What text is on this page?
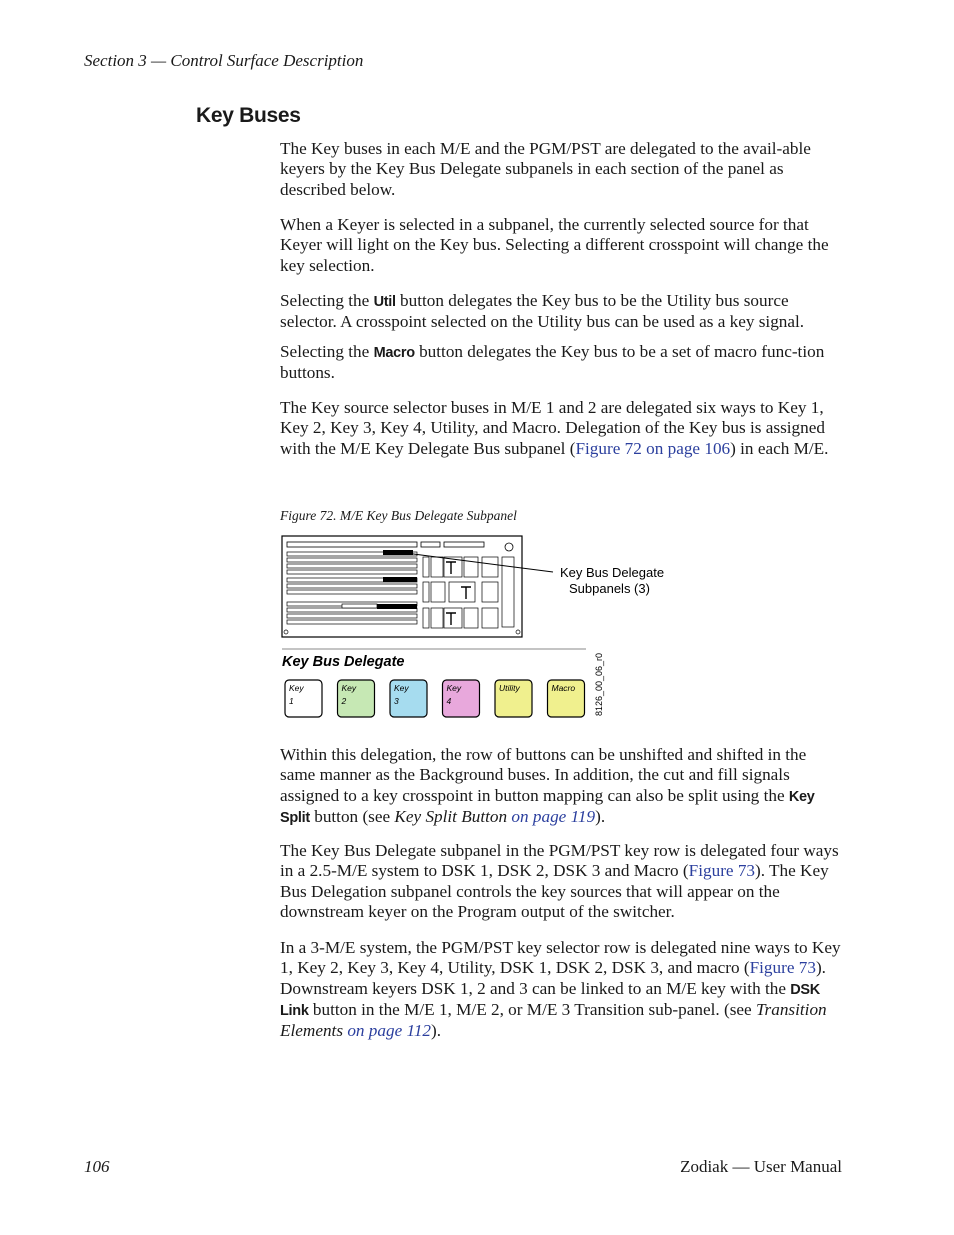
Section 3 — Control Surface Description
Key Buses
The Key buses in each M/E and the PGM/PST are delegated to the avail-able keyers by the Key Bus Delegate subpanels in each section of the panel as described below.
When a Keyer is selected in a subpanel, the currently selected source for that Keyer will light on the Key bus. Selecting a different crosspoint will change the key selection.
Selecting the Util button delegates the Key bus to be the Utility bus source selector. A crosspoint selected on the Utility bus can be used as a key signal.
Selecting the Macro button delegates the Key bus to be a set of macro func-tion buttons.
The Key source selector buses in M/E 1 and 2 are delegated six ways to Key 1, Key 2, Key 3, Key 4, Utility, and Macro. Delegation of the Key bus is assigned with the M/E Key Delegate Bus subpanel (Figure 72 on page 106) in each M/E.
Figure 72. M/E Key Bus Delegate Subpanel
Key Bus Delegate
Subpanels (3)
Key Bus Delegate	8126_00_06_r0
Key
1
Key
2
Key
3
Key
4
Utility	Macro
Within this delegation, the row of buttons can be unshifted and shifted in the same manner as the Background buses. In addition, the cut and fill signals assigned to a key crosspoint in button mapping can also be split using the Key Split button (see Key Split Button on page 119).
The Key Bus Delegate subpanel in the PGM/PST key row is delegated four ways in a 2.5-M/E system to DSK 1, DSK 2, DSK 3 and Macro (Figure 73). The Key Bus Delegation subpanel controls the key sources that will appear on the downstream keyer on the Program output of the switcher.
In a 3-M/E system, the PGM/PST key selector row is delegated nine ways to Key 1, Key 2, Key 3, Key 4, Utility, DSK 1, DSK 2, DSK 3, and macro (Figure 73). Downstream keyers DSK 1, 2 and 3 can be linked to an M/E key with the DSK Link button in the M/E 1, M/E 2, or M/E 3 Transition sub-panel. (see Transition Elements on page 112).
106	Zodiak — User Manual
